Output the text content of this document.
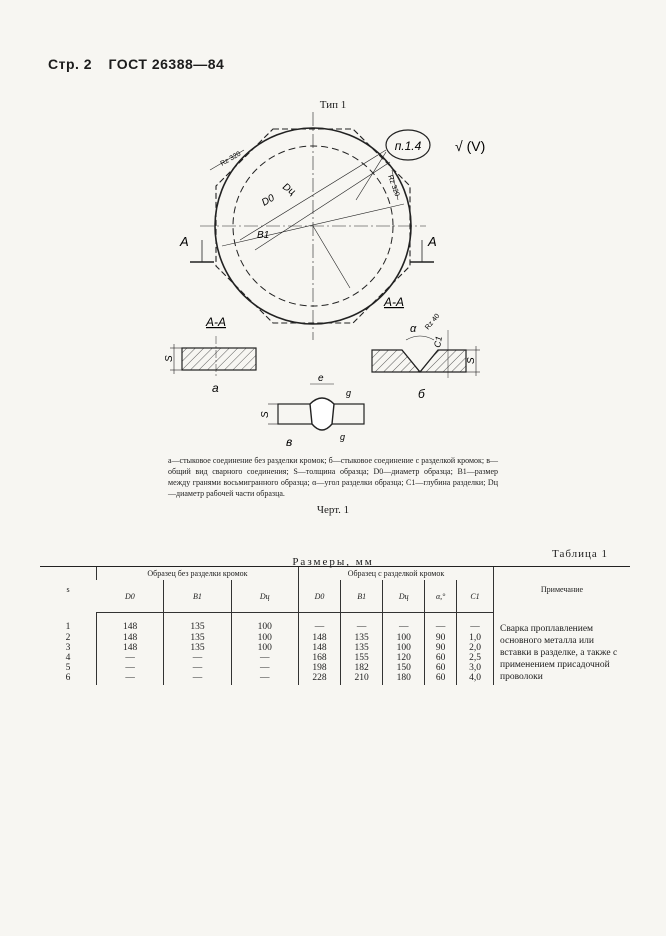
Стр. 2 ГОСТ 26388—84
Тип 1
п.1.4 √ (V)
Rz 320
Rz 320
Dц
D0
B1
A	A
А-А
S
а
А-А
α Rz 40
S
C1
б
e
g
g
S
в
а—стыковое соединение без разделки кромок; б—стыковое соединение с разделкой кромок; в—общий вид сварного соединения; S—толщина образца; D0—диаметр образца; B1—размер между гранями восьмигранного образца; α—угол разделки образца; C1—глубина разделки; Dц —диаметр рабочей части образца.
Черт. 1
Таблица 1
Размеры, мм
s	Образец без разделки кромок			Образец с разделкой кромок					Примечание
	D0	B1	Dц	D0	B1	Dц	α,°	C1	
1	148	135	100	—	—	—	—	—	Сварка проплавлением основного металла или вставки в разделке, а также с применением присадочной проволоки
2	148	135	100	148	135	100	90	1,0	
3	148	135	100	148	135	100	90	2,0	
4	—	—	—	168	155	120	60	2,5	
5	—	—	—	198	182	150	60	3,0	
6	—	—	—	228	210	180	60	4,0	
